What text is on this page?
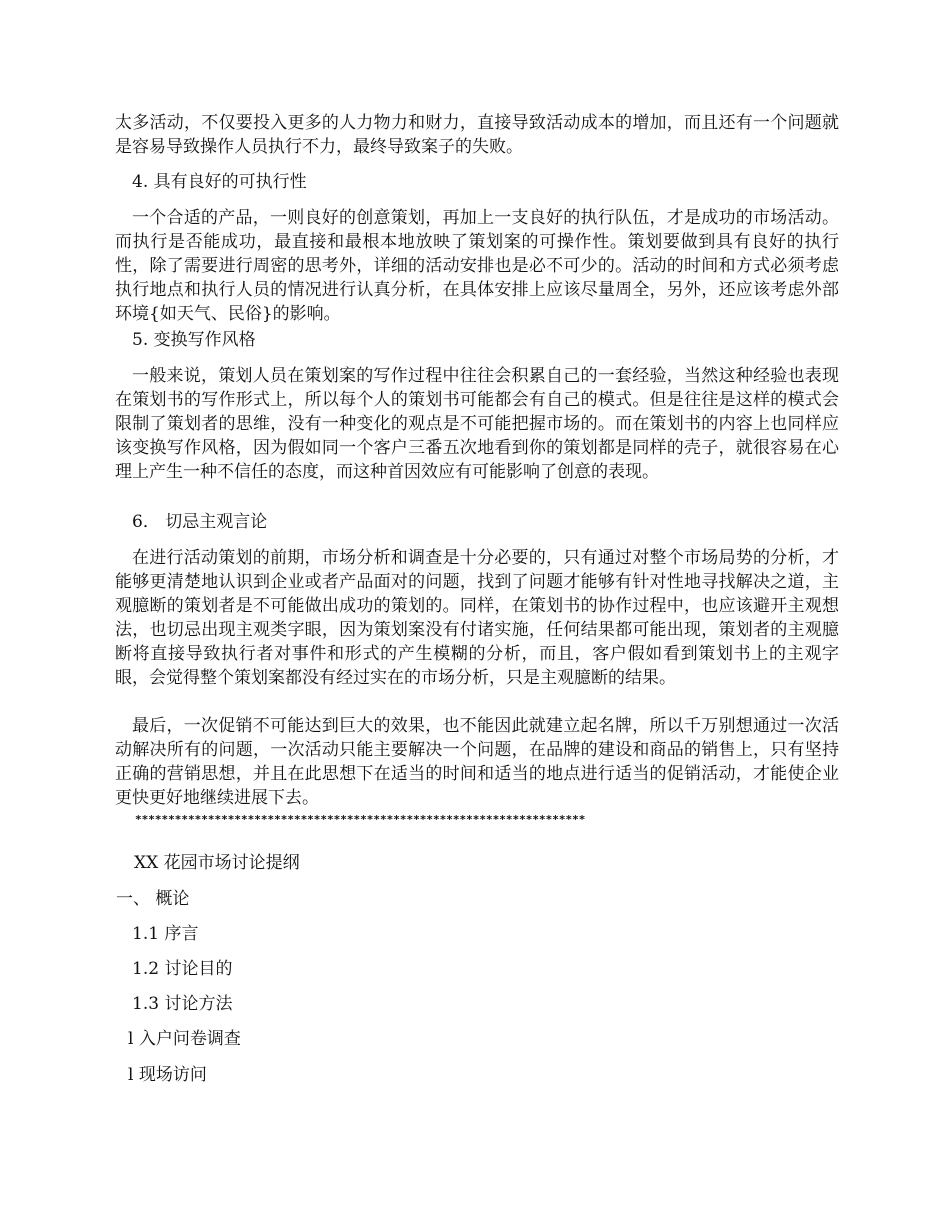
太多活动，不仅要投入更多的人力物力和财力，直接导致活动成本的增加，而且还有一个问题就是容易导致操作人员执行不力，最终导致案子的失败。

4. 具有良好的可执行性

一个合适的产品，一则良好的创意策划，再加上一支良好的执行队伍，才是成功的市场活动。而执行是否能成功，最直接和最根本地放映了策划案的可操作性。策划要做到具有良好的执行性，除了需要进行周密的思考外，详细的活动安排也是必不可少的。活动的时间和方式必须考虑执行地点和执行人员的情况进行认真分析，在具体安排上应该尽量周全，另外，还应该考虑外部环境{如天气、民俗}的影响。

5. 变换写作风格

一般来说，策划人员在策划案的写作过程中往往会积累自己的一套经验，当然这种经验也表现在策划书的写作形式上，所以每个人的策划书可能都会有自己的模式。但是往往是这样的模式会限制了策划者的思维，没有一种变化的观点是不可能把握市场的。而在策划书的内容上也同样应该变换写作风格，因为假如同一个客户三番五次地看到你的策划都是同样的壳子，就很容易在心理上产生一种不信任的态度，而这种首因效应有可能影响了创意的表现。

6． 切忌主观言论

在进行活动策划的前期，市场分析和调查是十分必要的，只有通过对整个市场局势的分析，才能够更清楚地认识到企业或者产品面对的问题，找到了问题才能够有针对性地寻找解决之道，主观臆断的策划者是不可能做出成功的策划的。同样，在策划书的协作过程中，也应该避开主观想法，也切忌出现主观类字眼，因为策划案没有付诸实施，任何结果都可能出现，策划者的主观臆断将直接导致执行者对事件和形式的产生模糊的分析，而且，客户假如看到策划书上的主观字眼，会觉得整个策划案都没有经过实在的市场分析，只是主观臆断的结果。

最后，一次促销不可能达到巨大的效果，也不能因此就建立起名牌，所以千万别想通过一次活动解决所有的问题，一次活动只能主要解决一个问题，在品牌的建设和商品的销售上，只有坚持正确的营销思想，并且在此思想下在适当的时间和适当的地点进行适当的促销活动，才能使企业更快更好地继续进展下去。

********************************************************************

XX 花园市场讨论提纲

一、 概论

1.1 序言

1.2 讨论目的

1.3 讨论方法

l 入户问卷调查

l 现场访问
